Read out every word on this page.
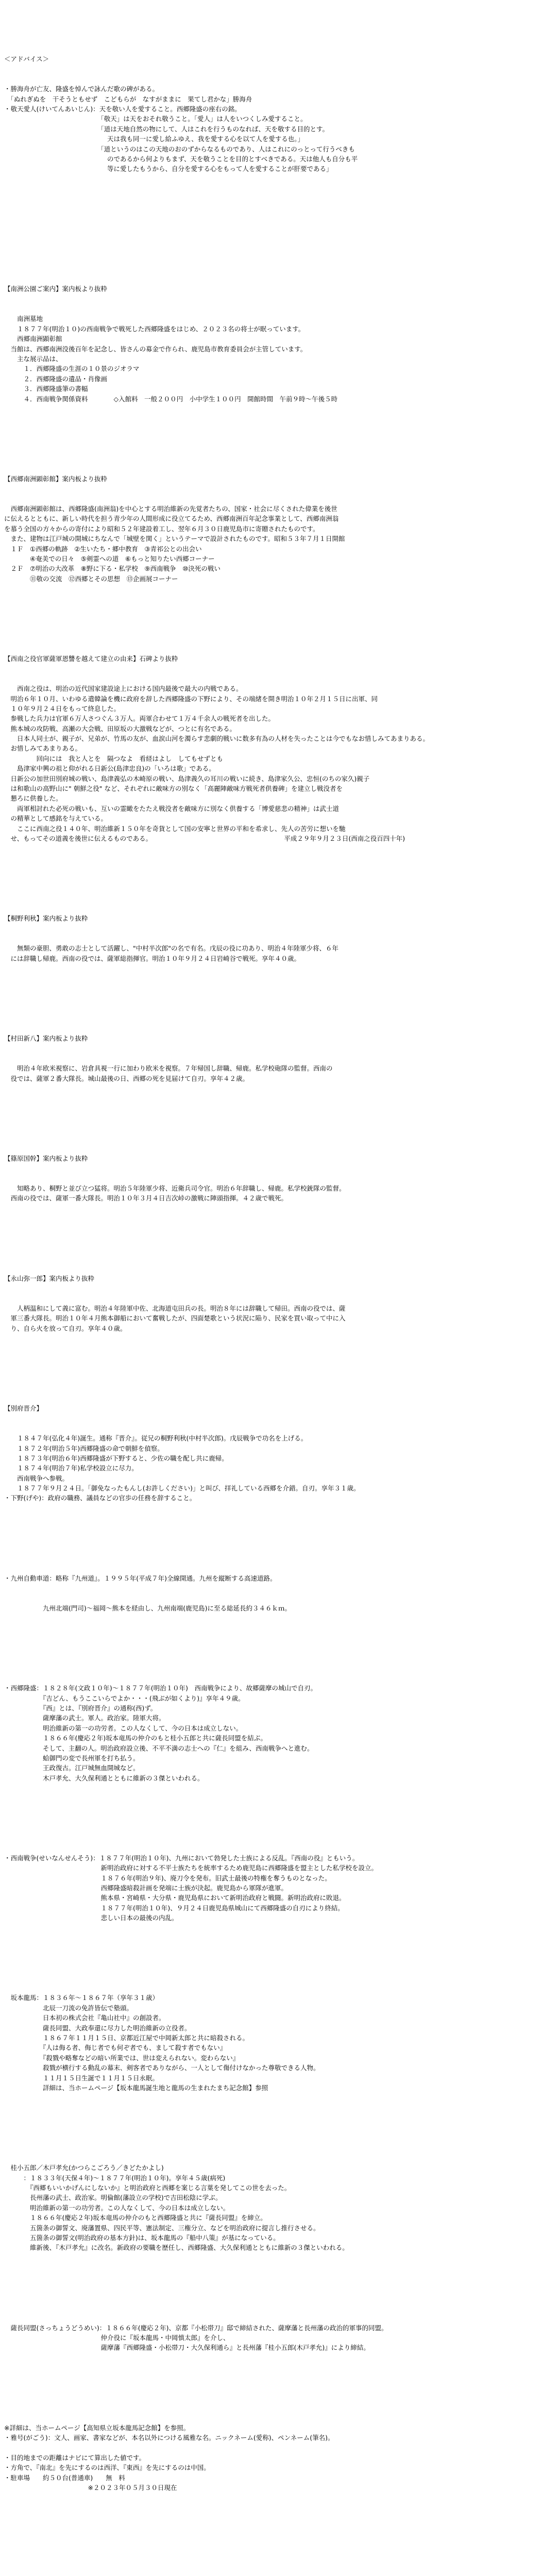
＜アドバイス＞

・勝海舟が亡友、隆盛を悼んで詠んだ歌の碑がある。
　「ぬれぎぬを　干そうともせず　こどもらが　なすがままに　果てし君かな」勝海舟
・敬天愛人(けいてんあいじん)：天を敬い人を愛すること。西郷隆盛の座右の銘。
　　　　　　　　　　　　　　　「敬天」は天をおそれ敬うこと。「愛人」は人をいつくしみ愛すること。
　　　　　　　　　　　　　　　「道は天地自然の物にして、人はこれを行うものなれば、天を敬する目的とす。
　　　　　　　　　　　　　　　　天は我も同一に愛し給ふゆえ、我を愛する心を以て人を愛する也。」
　　　　　　　　　　　　　　　「道というのはこの天地のおのずからなるものであり、人はこれにのっとって行うべきも
　　　　　　　　　　　　　　　　のであるから何よりもまず、天を敬うことを目的とすべきである。天は他人も自分も平
　　　　　　　　　　　　　　　　等に愛したもうから、自分を愛する心をもって人を愛することが肝要である」

【南洲公園ご案内】案内板より抜粋

　　南洲墓地
　　１８７７年(明治１０)の西南戦争で戦死した西郷隆盛をはじめ、２０２３名の将士が眠っています。
　　西郷南洲顕彰館
　当館は、西郷南洲没後百年を記念し、皆さんの募金で作られ、鹿児島市教育委員会が主管しています。
　　主な展示品は、
　　　１．西郷隆盛の生涯の１０景のジオラマ
　　　２．西郷隆盛の遺品・肖像画
　　　３．西郷隆盛筆の書幅
　　　４．西南戦争関係資料　　　　◇入館料　一般２００円　小中学生１００円　開館時間　午前９時〜午後５時

【西郷南洲顕彰館】案内板より抜粋

　西郷南洲顕彰館は、西郷隆盛(南洲翁)を中心とする明治維新の先覚者たちの、国家・社会に尽くされた偉業を後世
に伝えるとともに、新しい時代を担う青少年の人間形成に役立てるため、西郷南洲百年記念事業として、西郷南洲翁
を慕う全国の方々からの寄付により昭和５２年建設着工し、翌年６月３０日鹿児島市に寄贈されたものです。
　また、建物は江戸城の開城にちなんで「城壁を関く」というテーマで設計されたものです。昭和５３年７月１日開館
　１Ｆ　①西郷の軌跡　②生いたち・郷中教育　③青祁公との出会い
　　　　④奄美での日々　⑤剣霊への道　⑥もっと知りたい西郷コーナー
　２Ｆ　⑦明治の大改革　⑧野に下る・私学校　⑨西南戦争　⑩決死の戦い
　　　　⑪敬の交流　⑫西郷とその思想　⑬企画展コーナー

【西南之役官軍薩軍恩讐を越えて建立の由来】石碑より抜粋

　　西南之役は、明治の近代国家建設途上における国内最後で最大の内戦である。
　明治６年１０月、いわゆる遣韓論を機に政府を辞した西郷隆盛の下野により、その端緒を開き明治１０年２月１５日に出軍、同
　１０年９月２４日をもって終息した。
　参戦した兵力は官軍６万人さつぐん３万人。両軍合わせて１万４千余人の戦死者を出した。
　熊本城の攻防戦、高瀬の大会戦、田原坂の大激戦などが、つとに有名である。
　　日本人同士が、親子が、兄弟が、竹馬の友が、血涙山河を濁らす悲劇的戦いに数多有為の人材を失ったことは今でもなお惜しみてあまりある。
　お惜しみてあまりある。
　　　　　回向には　我と人とを　隔つなよ　看経はよし　してもせずとも
　　島津家中興の祖と仰がれる日新公(島津忠良)の「いろは歌」である。
　日新公の加世田別府城の戦い、島津義弘の木崎原の戦い、島津義久の耳川の戦いに続き、島津家久公、忠恒(のちの家久)親子
　は和歌山の高野山に" 朝鮮之役" など、それぞれに敵味方の別なく「高麗陣敵味方戦死者供養碑」を建立し戦没者を
　懇ろに供養した。
　　両軍相討れた必死の戦いも、互いの霊瞰をたたえ戦没者を敵味方に別なく供養する「博愛慈悲の精神」は武士道
　の精華として感銘を与えている。
　　ここに西南之役１４０年、明治維新１５０年を奇貨として国の安寧と世界の平和を希求し、先人の苦労に想いを馳
　せ、もってその道義を後世に伝えるものである。　　　　　　　　　　　　　　　　　　　　　平成２９年９月２３日(西南之役百四十年)

【桐野利秋】案内板より抜粋

　　無類の豪胆、勇敢の志士として活躍し、"中村半次郎"の名で有名。戊辰の役に功あり、明治４年陸軍少将、６年
　には辞職し帰鹿。西南の役では、薩軍総指揮官。明治１０年９月２４日岩崎谷で戦死。享年４０歳。

【村田新八】案内板より抜粋

　　明治４年欧米視察に、岩倉具視一行に加わり欧米を視察。７年帰国し辞職、帰鹿。私学校砲隊の監督。西南の
　役では、薩軍２番大隊長。城山最後の日、西郷の死を見届けて自刃。享年４２歳。

【篠原国幹】案内板より抜粋

　　知略あり、桐野と並び立つ猛将。明治５年陸軍少将、近衛兵司令官。明治６年辞職し、帰鹿。私学校銃隊の監督。
　西南の役では、薩軍一番大隊長。明治１０年３月４日吉次峠の激戦に陣頭指揮。４２歳で戦死。

【永山弥一郎】案内板より抜粋

　　人柄温和にして義に富む。明治４年陸軍中佐、北海道屯田兵の長。明治８年には辞職して帰田。西南の役では、薩
　軍三番大隊長。明治１０年４月熊本御船において奮戦したが、四面楚歌という状況に陥り、民家を買い取って中に入
　り、自ら火を放って自刃。享年４０歳。

【別府晋介】

　　１８４７年(弘化４年)誕生。通称『晋介』。従兄の桐野利秋(中村半次郎)。戊辰戦争で功名を上げる。
　　１８７２年(明治５年)西郷隆盛の命で朝鮮を偵察。
　　１８７３年(明治６年)西郷隆盛が下野すると、少佐の職を配し共に鹿帰。
　　１８７４年(明治７年)私学校設立に尽力。
　　西南戦争へ参戦。
　　１８７７年９月２４日。「御免なったもんし(お許しください)」と叫び、拝礼している西郷を介錯。自刃。享年３１歳。
・下野(げや)：政府の職務、議員などの官歩の任務を辞すること。

・九州自動車道：略称『九州道』。１９９５年(平成７年)全線開通。九州を縦断する高速道路。

　　　　　　九州北端(門司)〜福岡〜熊本を経由し、九州南端(鹿児島)に至る総延長約３４６ｋｍ。

・西郷隆盛：１８２８年(文政１０年)〜１８７７年(明治１０年)　西南戦争により、故郷薩摩の城山で自刃。
　　　　　　『吉どん、もうここいらでよか・・・(飛ぶが如くより)』享年４９歳。
　　　　　　『西』とは、『別府晋介』の通称(西)ず。
　　　　　　薩摩藩の武士。軍人。政治家。陸軍大将。
　　　　　　明治維新の第一の功労者。この人なくして、今の日本は成立しない。
　　　　　　１８６６年(慶応２年)坂本竜馬の仲介のもと桂小五郎と共に薩長同盟を結ぶ。
　　　　　　そして、主翻の人。明治政府設立後、不平不満の志士への『仁』を組み、西南戦争へと進む。
　　　　　　蛤御門の変で長州軍を打ち払う。
　　　　　　王政復古。江戸城無血開城など。
　　　　　　木戸孝允、大久保利通とともに維新の３傑といわれる。

・西南戦争(せいなんせんそう)：１８７７年(明治１０年)、九州において勃発した士族による反乱。『西南の役』ともいう。
　　　　　　　　　　　　　　　新明治政府に対する不平士族たちを統率するため鹿児島に西郷隆盛を盟主とした私学校を設立。
　　　　　　　　　　　　　　　１８７６年(明治９年)、廃刀令を発布。旧武士最後の特権を奪うものとなった。
　　　　　　　　　　　　　　　西郷隆盛暗殺計画を発端に士族が決起。鹿児島から軍隊が進軍。
　　　　　　　　　　　　　　　熊本県・宮崎県・大分県・鹿児島県において新明治政府と戦闘。新明治政府に敗退。
　　　　　　　　　　　　　　　１８７７年(明治１０年)、９月２４日鹿児島県城山にて西郷隆盛の自刃により終結。
　　　　　　　　　　　　　　　悲しい日本の最後の内乱。

　坂本龍馬：１８３６年〜１８６７年（享年３１歳）
　　　　　　北辰一刀流の免許皆伝で塾頭。
　　　　　　日本初の株式会社『亀山社中』の創設者。
　　　　　　薩長同盟、大政奉還に尽力した明治維新の立役者。
　　　　　　１８６７年１１月１５日、京都近江屋で中岡新太郎と共に暗殺される。
　　　　　　『人は侮る者、侮じ者でも何ぞ者でも、まして殺す者でもない』
　　　　　　『殺戮や略奪などの暗い所業では、世は変えられない。変わらない』
　　　　　　殺戮が横行する動乱の幕末、剣客者でありながら、一人として傷付けなかった尊敬できる人物。
　　　　　　１１月１５日生誕で１１月１５日永眠。
　　　　　　詳細は、当ホームページ【坂本龍馬誕生地と龍馬の生まれたまち記念館】参照

　桂小五郎／木戸孝允(かつらこごろう／きどたかよし)
　　　：１８３３年(天保４年)〜１８７７年(明治１０年)。享年４５歳(病死)
　　　　『西郷もいいかげんにしないか』と明治政府と西郷を案じる言葉を発してこの世を去った。
　　　　長州藩の武士、政治家。明倫館(藩設立の学校)で吉田松陰に学ぶ。
　　　　明治維新の第一の功労者。この人なくして、今の日本は成立しない。
　　　　１８６６年(慶応２年)坂本竜馬の仲介のもと西郷隆盛と共に『薩長同盟』を締立。
　　　　五箇条の御誓文、廃藩置県、四民平等、憲法制定、三権分立、などを明治政府に提言し推行させる。
　　　　五箇条の御誓文(明治政府の基本方針)は、坂本龍馬の『船中八策』が基になっている。
　　　　維新後、『木戸孝允』に改名。新政府の要職を歴任し、西郷隆盛、大久保利通とともに維新の３傑といわれる。

　薩長同盟(さっちょうどうめい)：１８６６年(慶応２年)、京都『小松帯刀』邸で締結された、薩摩藩と長州藩の政治的軍事的同盟。
　　　　　　　　　　　　　　　仲介役に『坂本龍馬・中岡慎太郎』を介し、
　　　　　　　　　　　　　　　薩摩藩『西郷隆盛・小松帯刀・大久保利通ら』と長州藩『桂小五郎(木戸孝允)』により締結。

※詳細は、当ホームページ【高知県立坂本龍馬記念館】を参照。
・雅号(がごう)：文人、画家、書家などが、本名以外につける風雅な名。ニックネーム(愛称)、ペンネーム(筆名)。
・目的地までの距離はナビにて算出した値です。
・方角で、『南北』を先にするのは西洋、『東西』を先にするのは中国。
・駐車場　　約５０台(普通車)　　無　料
　　　　　　　　　　　　　※２０２３年０５月３０日現在
